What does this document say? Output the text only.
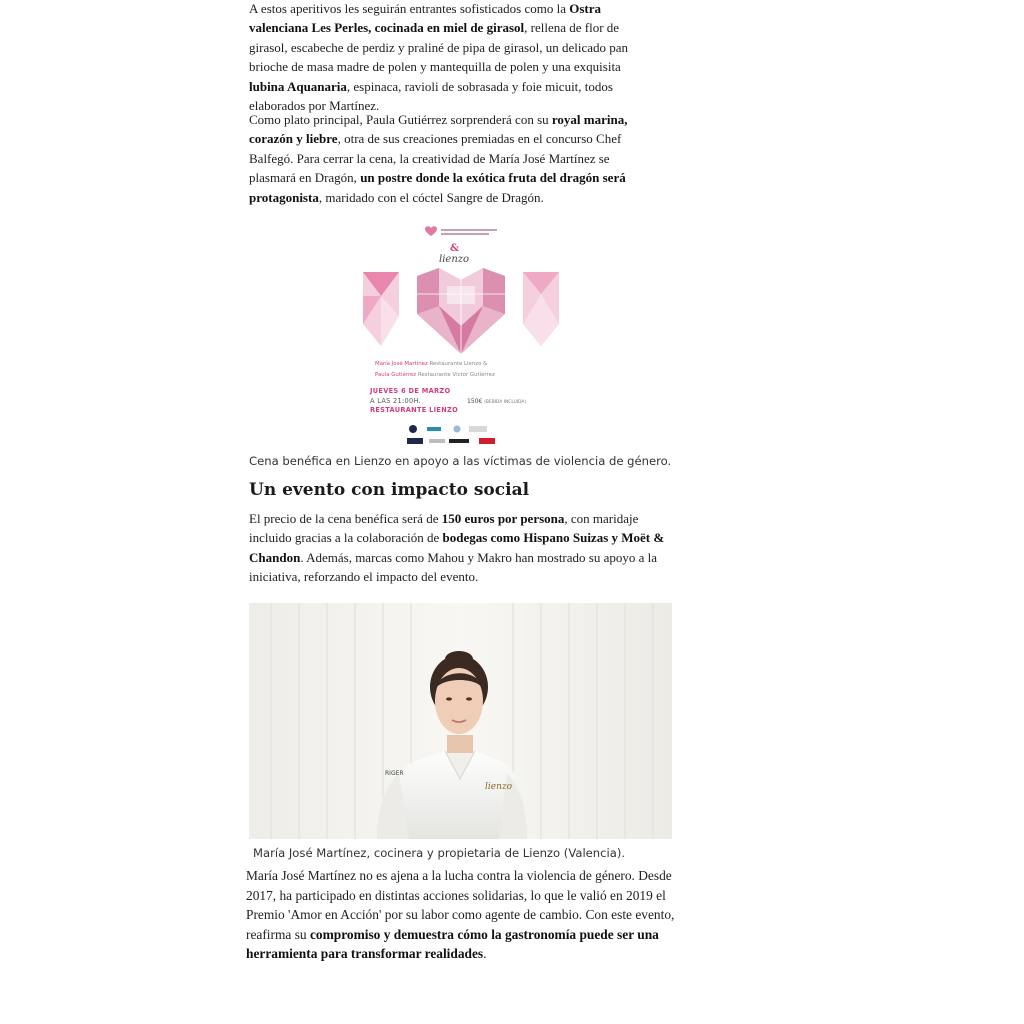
A estos aperitivos les seguirán entrantes sofisticados como la Ostra valenciana Les Perles, cocinada en miel de girasol, rellena de flor de girasol, escabeche de perdiz y praliné de pipa de girasol, un delicado pan brioche de masa madre de polen y mantequilla de polen y una exquisita lubina Aquanaria, espinaca, ravioli de sobrasada y foie micuit, todos elaborados por Martínez.

Como plato principal, Paula Gutiérrez sorprenderá con su royal marina, corazón y liebre, otra de sus creaciones premiadas en el concurso Chef Balfegó. Para cerrar la cena, la creatividad de María José Martínez se plasmará en Dragón, un postre donde la exótica fruta del dragón será protagonista, maridado con el cóctel Sangre de Dragón.

&
lienzo
María José Martínez Restaurante Lienzo &
Paula Gutiérrez Restaurante Víctor Gutiérrez
JUEVES 6 DE MARZO
A LAS 21:00H.
RESTAURANTE LIENZO
150€ (BEBIDA INCLUIDA)
Cena benéfica en Lienzo en apoyo a las víctimas de violencia de género.
Un evento con impacto social

El precio de la cena benéfica será de 150 euros por persona, con maridaje incluido gracias a la colaboración de bodegas como Hispano Suizas y Moët & Chandon. Además, marcas como Mahou y Makro han mostrado su apoyo a la iniciativa, reforzando el impacto del evento.

RIGER
lienzo
María José Martínez, cocinera y propietaria de Lienzo (Valencia).

María José Martínez no es ajena a la lucha contra la violencia de género. Desde 2017, ha participado en distintas acciones solidarias, lo que le valió en 2019 el Premio 'Amor en Acción' por su labor como agente de cambio. Con este evento, reafirma su compromiso y demuestra cómo la gastronomía puede ser una herramienta para transformar realidades.
